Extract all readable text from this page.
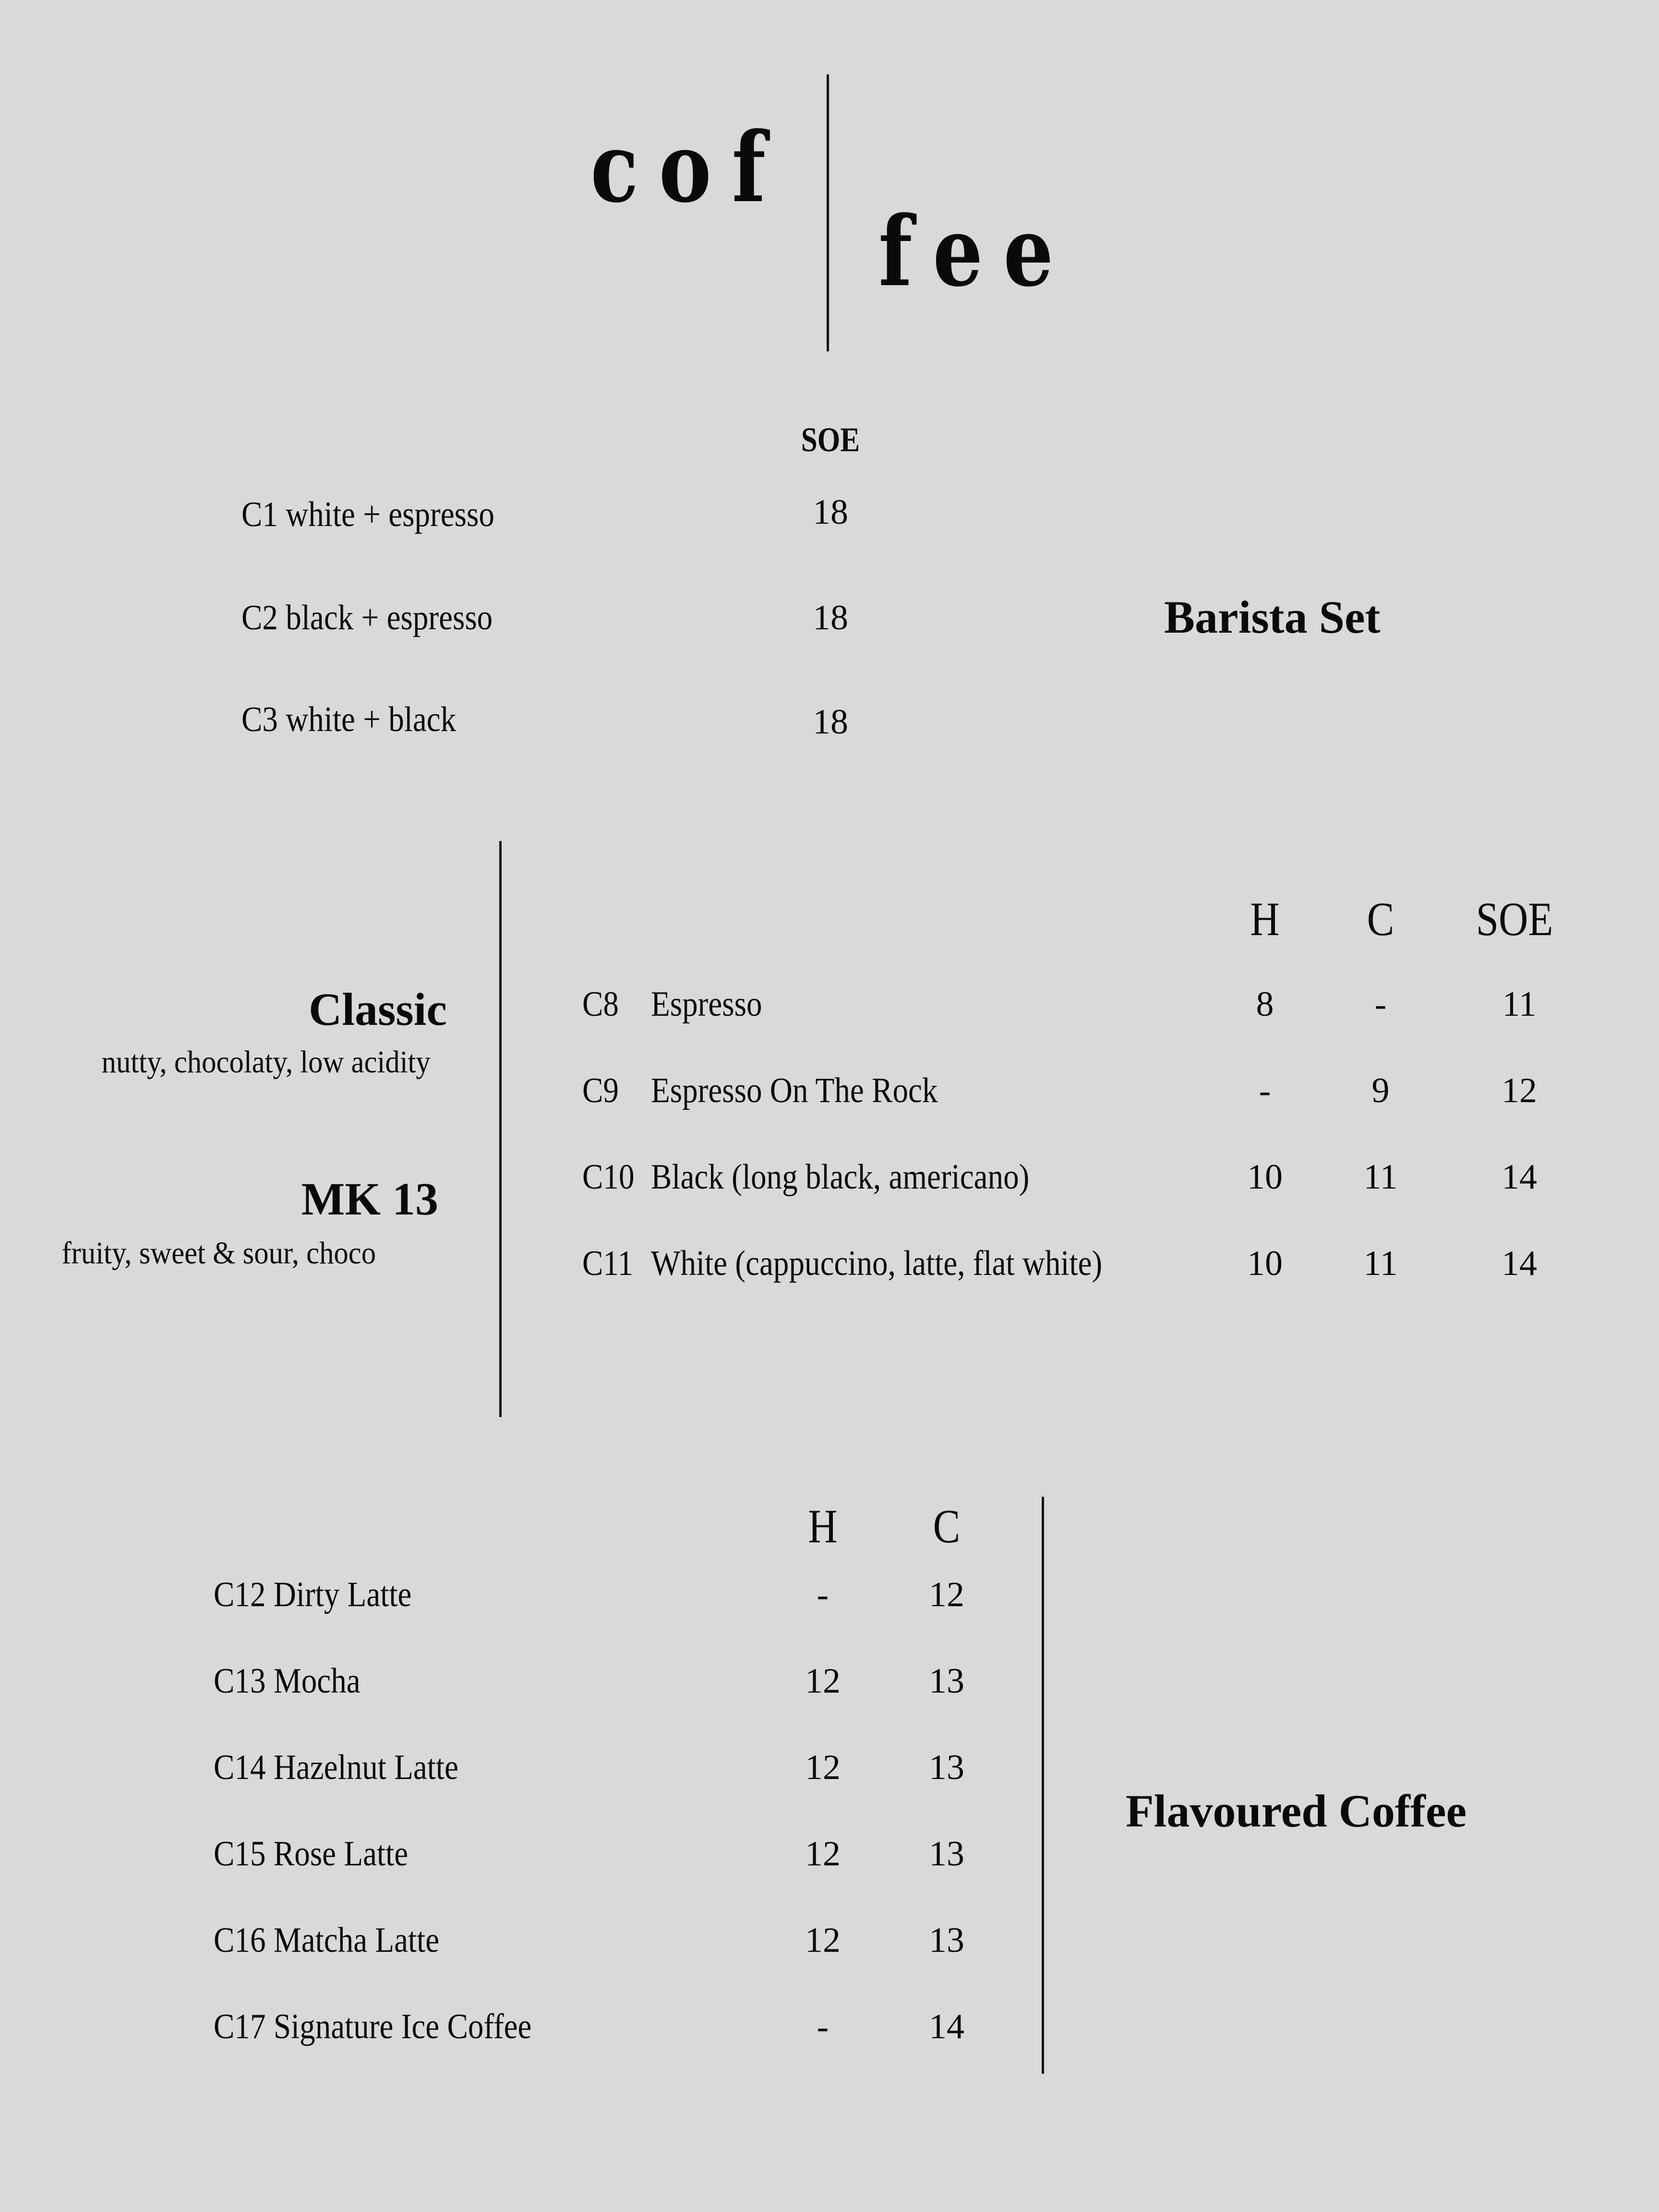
cof
fee
SOE
C1 white + espresso	18
C2 black + espresso	18
C3 white + black	18
Barista Set
Classic
nutty, chocolaty, low acidity
MK 13
fruity, sweet & sour, choco
H	C	SOE
C8 Espresso	8	-	11
C9 Espresso On The Rock	-	9	12
C10 Black (long black, americano)	10	11	14
C11 White (cappuccino, latte, flat white)	10	11	14
H	C
C12 Dirty Latte	-	12
C13 Mocha	12	13
C14 Hazelnut Latte	12	13
C15 Rose Latte	12	13
C16 Matcha Latte	12	13
C17 Signature Ice Coffee	-	14
Flavoured Coffee
